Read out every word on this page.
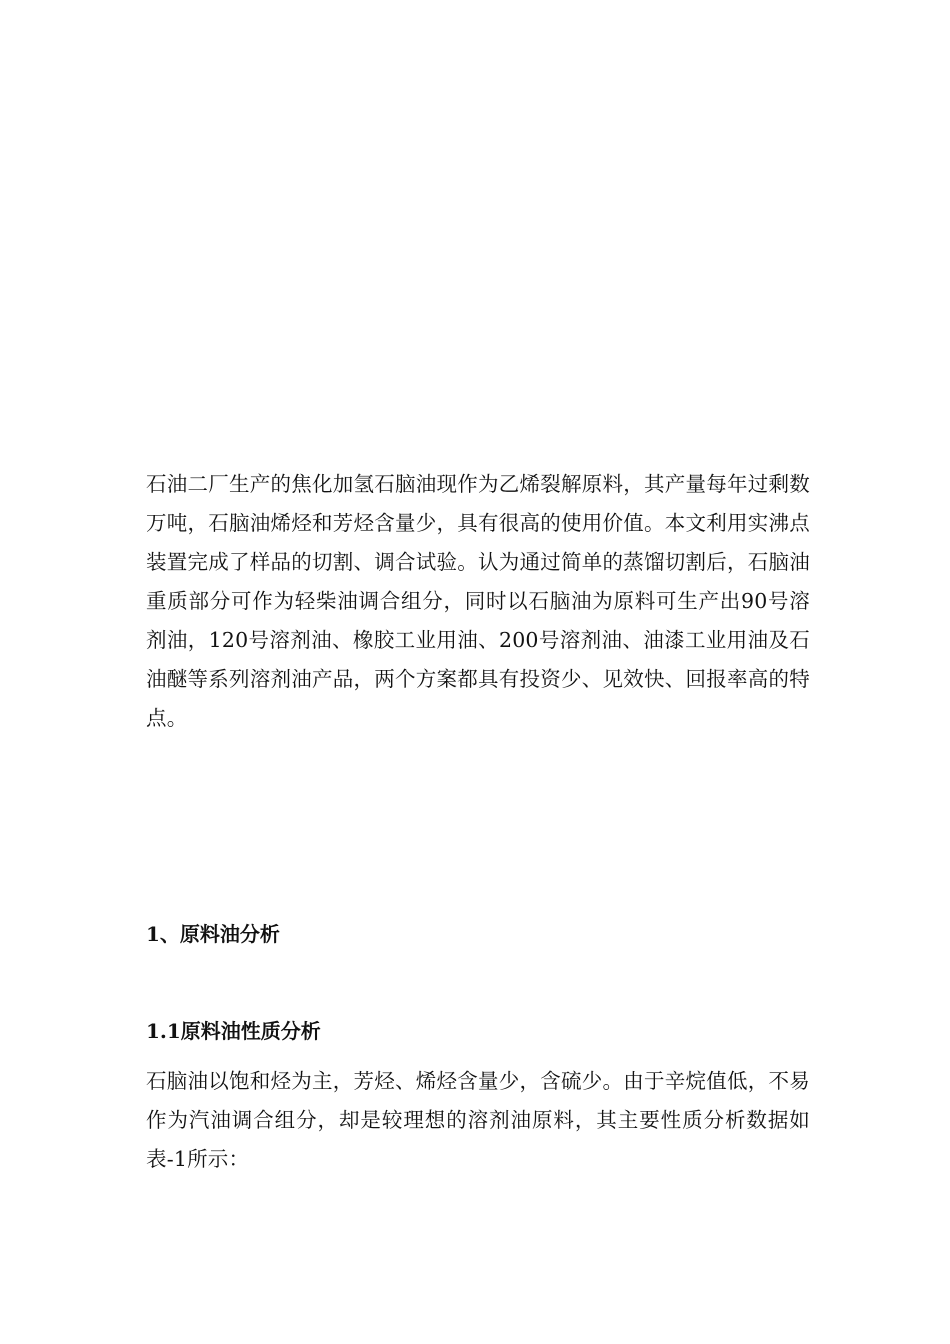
石油二厂生产的焦化加氢石脑油现作为乙烯裂解原料，其产量每年过剩数万吨，石脑油烯烃和芳烃含量少，具有很高的使用价值。本文利用实沸点装置完成了样品的切割、调合试验。认为通过简单的蒸馏切割后，石脑油重质部分可作为轻柴油调合组分，同时以石脑油为原料可生产出90号溶剂油，120号溶剂油、橡胶工业用油、200号溶剂油、油漆工业用油及石油醚等系列溶剂油产品，两个方案都具有投资少、见效快、回报率高的特点。

1、原料油分析
1.1原料油性质分析

石脑油以饱和烃为主，芳烃、烯烃含量少，含硫少。由于辛烷值低，不易作为汽油调合组分，却是较理想的溶剂油原料，其主要性质分析数据如表-1所示：
